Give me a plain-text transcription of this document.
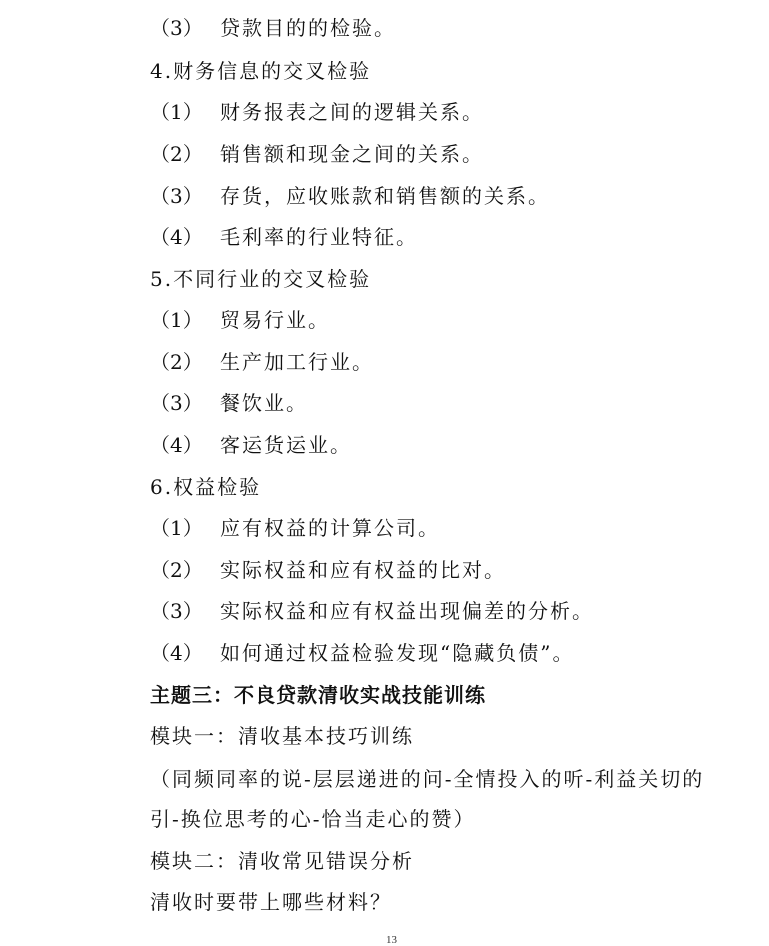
（3） 贷款目的的检验。
4.财务信息的交叉检验
（1） 财务报表之间的逻辑关系。
（2） 销售额和现金之间的关系。
（3） 存货，应收账款和销售额的关系。
（4） 毛利率的行业特征。
5.不同行业的交叉检验
（1） 贸易行业。
（2） 生产加工行业。
（3） 餐饮业。
（4） 客运货运业。
6.权益检验
（1） 应有权益的计算公司。
（2） 实际权益和应有权益的比对。
（3） 实际权益和应有权益出现偏差的分析。
（4） 如何通过权益检验发现“隐藏负债”。
主题三：不良贷款清收实战技能训练
模块一：清收基本技巧训练
（同频同率的说-层层递进的问-全情投入的听-利益关切的
引-换位思考的心-恰当走心的赞）
模块二：清收常见错误分析
清收时要带上哪些材料？
13
